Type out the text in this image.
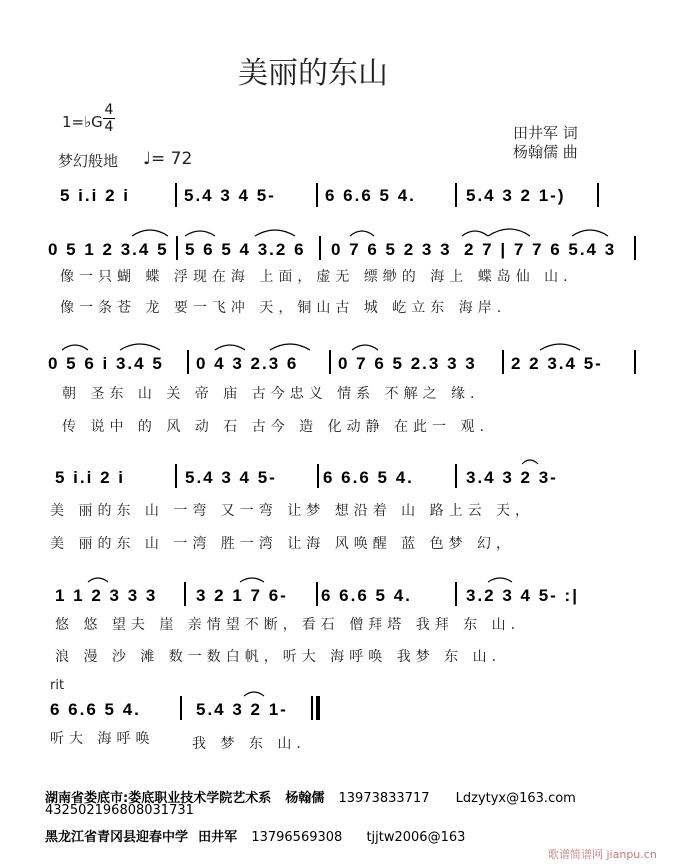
美丽的东山
1=♭G
4
4	田井军 词
杨翰儒 曲
梦幻般地 ♩= 72
5 i.i 2 i	5.4 3 4 5-	6 6.6 5 4.	5.4 3 2 1-)
0 5 1 2 3.4 5 5 6 5 4 3.2 6 0 7 6 5 2 3 3 2 7 | 7 7 6 5.4 3
像一只蝴 蝶 浮现在海 上面，虚无 缥缈的 海上 蝶岛仙 山.
像一条苍 龙 要一飞冲 天，铜山古 城 屹立东 海岸.
0 5 6 i 3.4 5 0 4 3 2.3 6 0 7 6 5 2.3 3 3 2 2 3.4 5-
朝 圣东 山 关 帝 庙 古今忠义 情系 不解之 缘.
传 说中 的 风 动 石 古今 造 化动静 在此一 观.
5 i.i 2 i	5.4 3 4 5-	6 6.6 5 4.	3.4 3 2 3-
美 丽的东 山 一弯 又一弯 让梦 想沿着 山 路上云 天，
美 丽的东 山 一湾 胜一湾 让海 风唤醒 蓝 色梦 幻，
1 1 2 3 3 3 3 2 1 7 6- 6 6.6 5 4.	3.2 3 4 5- :|
悠 悠 望夫 崖 亲情望不断，看石 僧拜塔 我拜 东 山.
浪 漫 沙 滩 数一数白帆，听大 海呼唤 我梦 东 山.
rit
6 6.6 5 4.	5.4 3 2 1-
听大 海呼唤	我 梦 东 山.
湖南省娄底市:娄底职业技术学院艺术系 杨翰儒 13973833717 Ldzytyx@163.com
432502196808031731
黑龙江省青冈县迎春中学 田井军 13796569308 tjjtw2006@163
歌谱简谱网 jianpu.cn
